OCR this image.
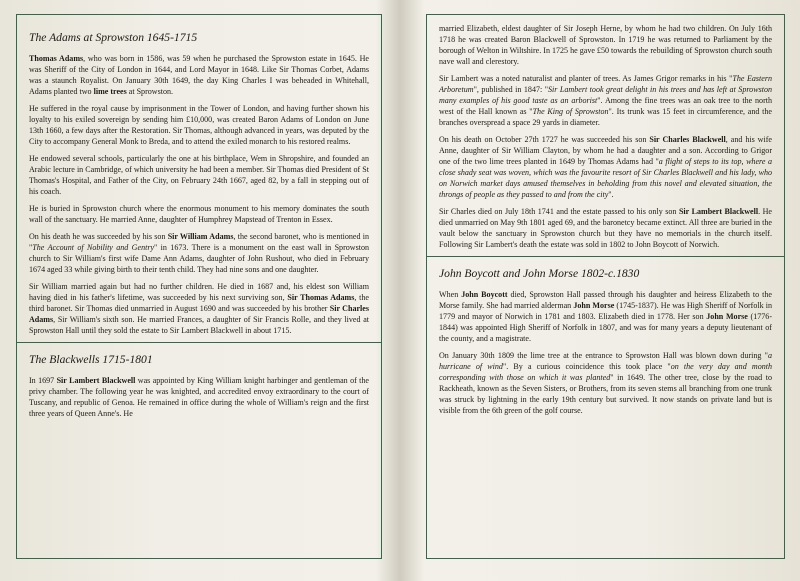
The Adams at Sprowston 1645-1715

Thomas Adams, who was born in 1586, was 59 when he purchased the Sprowston estate in 1645. He was Sheriff of the City of London in 1644, and Lord Mayor in 1648. Like Sir Thomas Corbet, Adams was a staunch Royalist. On January 30th 1649, the day King Charles I was beheaded in Whitehall, Adams planted two lime trees at Sprowston.

He suffered in the royal cause by imprisonment in the Tower of London, and having further shown his loyalty to his exiled sovereign by sending him £10,000, was created Baron Adams of London on June 13th 1660, a few days after the Restoration. Sir Thomas, although advanced in years, was deputed by the City to accompany General Monk to Breda, and to attend the exiled monarch to his restored realms.

He endowed several schools, particularly the one at his birthplace, Wem in Shropshire, and founded an Arabic lecture in Cambridge, of which university he had been a member. Sir Thomas died President of St Thomas's Hospital, and Father of the City, on February 24th 1667, aged 82, by a fall in stepping out of his coach.

He is buried in Sprowston church where the enormous monument to his memory dominates the south wall of the sanctuary. He married Anne, daughter of Humphrey Mapstead of Trenton in Essex.

On his death he was succeeded by his son Sir William Adams, the second baronet, who is mentioned in "The Account of Nobility and Gentry" in 1673. There is a monument on the east wall in Sprowston church to Sir William's first wife Dame Ann Adams, daughter of John Rushout, who died in February 1674 aged 33 while giving birth to their tenth child. They had nine sons and one daughter.

Sir William married again but had no further children. He died in 1687 and, his eldest son William having died in his father's lifetime, was succeeded by his next surviving son, Sir Thomas Adams, the third baronet. Sir Thomas died unmarried in August 1690 and was succeeded by his brother Sir Charles Adams, Sir William's sixth son. He married Frances, a daughter of Sir Francis Rolle, and they lived at Sprowston Hall until they sold the estate to Sir Lambert Blackwell in about 1715.

The Blackwells 1715-1801

In 1697 Sir Lambert Blackwell was appointed by King William knight harbinger and gentleman of the privy chamber. The following year he was knighted, and accredited envoy extraordinary to the court of Tuscany, and republic of Genoa. He remained in office during the whole of William's reign and the first three years of Queen Anne's. He

married Elizabeth, eldest daughter of Sir Joseph Herne, by whom he had two children. On July 16th 1718 he was created Baron Blackwell of Sprowston. In 1719 he was returned to Parliament by the borough of Welton in Wiltshire. In 1725 he gave £50 towards the rebuilding of Sprowston church south nave wall and clerestory.

Sir Lambert was a noted naturalist and planter of trees. As James Grigor remarks in his "The Eastern Arboretum", published in 1847: "Sir Lambert took great delight in his trees and has left at Sprowston many examples of his good taste as an arborist". Among the fine trees was an oak tree to the north west of the Hall known as "The King of Sprowston". Its trunk was 15 feet in circumference, and the branches overspread a space 29 yards in diameter.

On his death on October 27th 1727 he was succeeded his son Sir Charles Blackwell, and his wife Anne, daughter of Sir William Clayton, by whom he had a daughter and a son. According to Grigor one of the two lime trees planted in 1649 by Thomas Adams had "a flight of steps to its top, where a close shady seat was woven, which was the favourite resort of Sir Charles Blackwell and his lady, who on Norwich market days amused themselves in beholding from this novel and elevated situation, the throngs of people as they passed to and from the city".

Sir Charles died on July 18th 1741 and the estate passed to his only son Sir Lambert Blackwell. He died unmarried on May 9th 1801 aged 69, and the baronetcy became extinct. All three are buried in the vault below the sanctuary in Sprowston church but they have no memorials in the church itself. Following Sir Lambert's death the estate was sold in 1802 to John Boycott of Norwich.

John Boycott and John Morse 1802-c.1830

When John Boycott died, Sprowston Hall passed through his daughter and heiress Elizabeth to the Morse family. She had married alderman John Morse (1745-1837). He was High Sheriff of Norfolk in 1779 and mayor of Norwich in 1781 and 1803. Elizabeth died in 1778. Her son John Morse (1776-1844) was appointed High Sheriff of Norfolk in 1807, and was for many years a deputy lieutenant of the county, and a magistrate.

On January 30th 1809 the lime tree at the entrance to Sprowston Hall was blown down during "a hurricane of wind". By a curious coincidence this took place "on the very day and month corresponding with those on which it was planted" in 1649. The other tree, close by the road to Rackheath, known as the Seven Sisters, or Brothers, from its seven stems all branching from one trunk was struck by lightning in the early 19th century but survived. It now stands on private land but is visible from the 6th green of the golf course.
